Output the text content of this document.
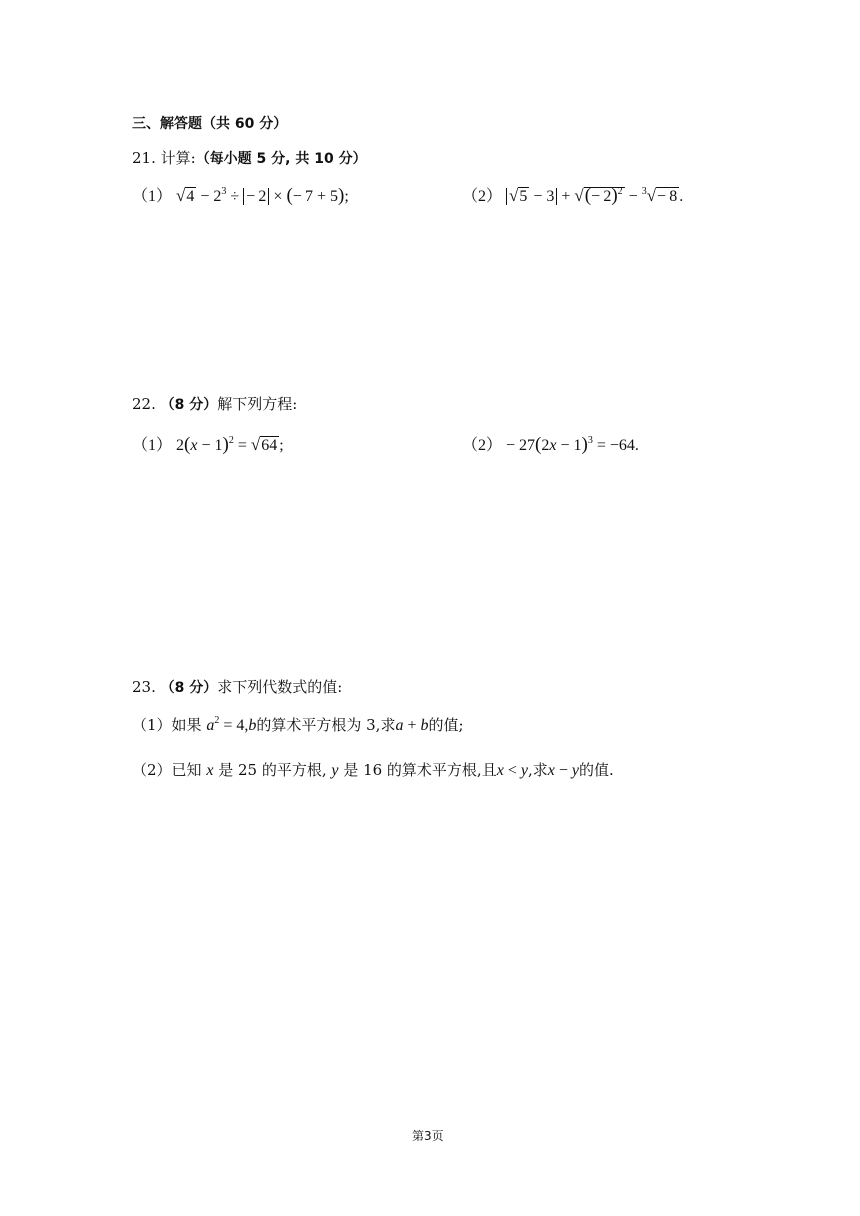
三、解答题（共 60 分）
21. 计算:（每小题 5 分, 共 10 分）
（1） $√4 - 2^3$ ÷ − 2 × (− 7 + 5);	（2） √5 − 3 + √(− 2)$^2$ − $^3$√− 8 .
22. （8 分）解下列方程:
（1） $2(x - 1)^2 = √64$ ;	$(2) - 27(2x - 1)^3 = -64$.
23. （8 分）求下列代数式的值:
（1）如果 $a^2 = 4,b$的算术平方根为 3,求a + b的值;
（2）已知 x 是 25 的平方根, y 是 16 的算术平方根,且x < y,求x − y的值.
第3页
